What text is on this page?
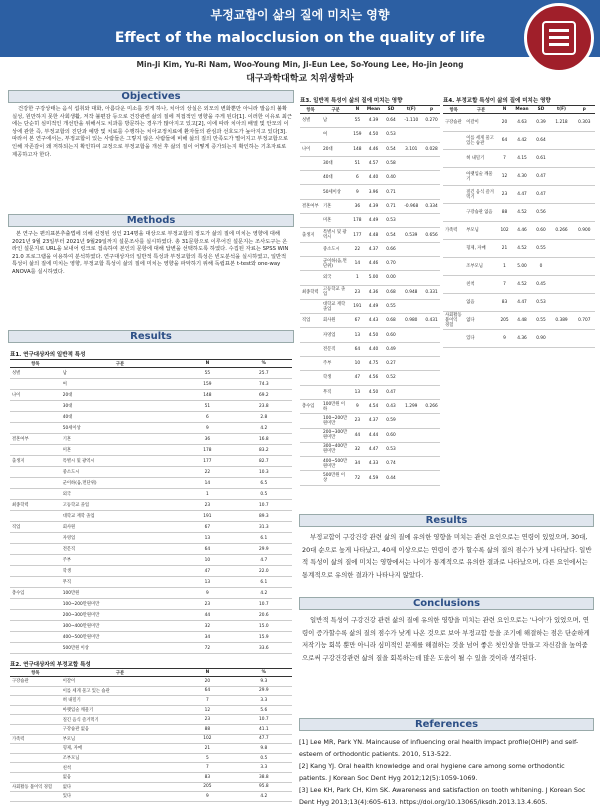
부정교합이 삶의 질에 미치는 영향
Effect of the malocclusion on the quality of life
Min-Ji Kim, Yu-Ri Nam, Woo-Young Min, Ji-Eun Lee, So-Young Lee, Ho-jin Jeong
대구과학대학교 치위생학과
Objectives
건강한 구강상태는 음식 섭취와 대화, 아름다운 미소를 짓게 하나, 치아의 상실은 외모의 변화뿐만 아니라 발음의 불확실성, 원만하지 못한 사회생활, 저작 불편감 등으로 건강관련 삶의 질에 직접적인 영향을 주게 된다[1]. 이러한 이유로 최근에는 단순히 심미적인 개선만을 위해서도 치과를 방문하는 경우가 많아지고 있고[2], 이에 따라 치아의 배열 및 안모의 이상에 관한 즉, 부정교합의 진단과 예방 및 치료를 수행하는 치아교정치료에 환자들의 관심과 선호도가 높아지고 있다[3]. 따라서 본 연구에서는, 부정교합이 있는 사람들은 그렇지 않은 사람들에 비해 삶의 질의 만족도가 떨어지고 부정교합으로 인해 자존감이 왜 저하되는지 확인하여 교정으로 부정교합을 개선 후 삶의 질이 어떻게 증가되는지 확인하는 기초자료로 제공하고자 한다.
Methods
본 연구는 편의표본추출법에 의해 선정된 성인 214명을 대상으로 부정교합의 정도가 삶의 질에 미치는 영향에 대해 2021년 9월 23일부터 2021년 9월29일까지 설문조사를 실시하였다. 총 31문항으로 이루어진 설문지는 조사도구는 온라인 설문지로 URL을 보내어 링크로 접속하여 본인의 문항에 대해 답변을 선택하도록 하였다. 수집된 자료는 SPSS WIN 21.0 프로그램을 이용하여 분석하였다. 연구대상자의 일반적 특성과 부정교합의 특성은 빈도분석을 실시하였고, 일반적 특성이 삶의 질에 미치는 영향, 부정교합 특성이 삶의 질에 미치는 영향을 파악하기 위해 독립표본 t-test와 one-way ANOVA를 실시하였다.
Results
표1. 연구대상자의 일반적 특성
항목	구분	N	%
성별	남	55	25.7
	여	159	74.3
나이	20대	148	69.2
	30대	51	23.8
	40대	6	2.8
	50세이상	9	4.2
결혼여부	기혼	36	16.8
	미혼	178	83.2
출생지	특별시 및 광역시	177	82.7
	중소도시	22	10.3
	군이하(읍,면단위)	14	6.5
	외국	1	0.5
최종학력	고등학교 졸업	23	10.7
	대학교 재학 졸업	191	89.3
직업	회사원	67	31.3
	자영업	13	6.1
	전문직	64	29.9
	주부	10	4.7
	학생	47	22.0
	무직	13	6.1
총수입	100만원	9	4.2
	100~200만원미만	23	10.7
	200~300만원미만	44	20.6
	300~400만원미만	32	15.0
	400~500만원미만	34	15.9
	500만원 이상	72	33.6
표2. 연구대상자의 부정교합 특성
항목	구분	N	%
구강습관	이갈이	20	9.3
	이를 세게 물고 있는 습관	64	29.9
	혀 내밀기	7	3.3
	아랫입술 깨물기	12	5.6
	질긴 음식 즐겨먹기	23	10.7
	구강습관 없음	88	41.1
가족력	부모님	102	47.7
	형제, 자매	21	9.8
	조부모님	5	0.5
	친척	7	3.3
	없음	83	38.8
사회활동 불이익 경험	없다	205	95.8
	있다	9	4.2
표3. 일반적 특성이 삶의 질에 미치는 영향
항목	구분	N	Mean	SD	t(F)	p
성별	남	55	4.39	0.64	-1.110	0.270
	여	159	4.50	0.53		
나이	20대	148	4.46	0.54	3.101	0.028
	30대	51	4.57	0.58		
	40대	6	4.40	0.40		
	50세이상	9	3.96	0.71		
결혼여부	기혼	36	4.39	0.71	-0.968	0.334
	미혼	178	4.49	0.53		
출생지	특별시 및 광역시	177	4.48	0.54	0.539	0.656
	중소도시	22	4.37	0.66		
	군이하(읍,면단위)	14	4.46	0.70		
	외국	1	5.00	0.00		
최종학력	고등학교 졸업	23	4.36	0.68	0.948	0.331
	대학교 재학 졸업	191	4.49	0.55		
직업	회사원	67	4.43	0.68	0.980	0.431
	자영업	13	4.50	0.60		
	전문직	64	4.40	0.49		
	주부	10	4.75	0.27		
	학생	47	4.56	0.52		
	무직	13	4.50	0.47		
총수입	100만원 이하	9	4.54	0.43	1.299	0.266
	100~200만원미만	23	4.37	0.59		
	200~300만원미만	44	4.44	0.60		
	300~400만원미만	32	4.47	0.53		
	400~500만원미만	34	4.33	0.74		
	500만원 이상	72	4.59	0.44		
표4. 부정교합 특성이 삶의 질에 미치는 영향
항목	구분	N	Mean	SD	t(F)	p
구강습관	이갈이	20	4.63	0.39	1.218	0.303
	이를 세게 물고 있는 습관	64	4.42	0.64		
	혀 내밀기	7	4.15	0.61		
	아랫입술 깨물기	12	4.30	0.47		
	질긴 음식 즐겨먹기	23	4.47	0.47		
	구강습관 없음	88	4.52	0.56		
가족력	부모님	102	4.46	0.60	0.266	0.900
	형제, 자매	21	4.52	0.55		
	조부모님	1	5.00	0		
	친척	7	4.52	0.45		
	없음	83	4.47	0.53		
사회활동 불이익 경험	없다	205	4.48	0.55	0.389	0.707
	있다	9	4.36	0.90		
Results
부정교합이 구강건강 관련 삶의 질에 유의한 영향을 미치는 관련 요인으로는 연령이 있었으며, 30대, 20대 순으로 높게 나타났고, 40세 이상으로는 연령이 증가 할수록 삶의 질의 점수가 낮게 나타났다. 일반적 특성이 삶의 질에 미치는 영향에서는 나이가 통계적으로 유의한 결과로 나타났으며, 다른 요인에서는 통계적으로 유의한 결과가 나타나지 않았다.
Conclusions
일반적 특성이 구강건강 관련 삶의 질에 유의한 영향을 미치는 관련 요인으로는 '나이'가 있었으며, 연령이 증가할수록 삶의 질의 점수가 낮게 나온 것으로 보아 부정교합 등을 조기에 해결하는 점은 단순하게 저작기능 회복 뿐만 아니라 심미적인 문제를 해결하는 것을 넘어 좋은 첫인상을 만들고 자신감을 높여줌으로써 구강건강관련 삶의 질을 회복하는데 많은 도움이 될 수 있을 것이라 생각된다.
References
[1] Lee MR, Park YN. Maincause of influencing oral health impact profile(OHIP) and self-esteem of orthodontic patients. 2010, 513-522.
[2] Kang YJ. Oral health knowledge and oral hygiene care among some orthodontic patients. J Korean Soc Dent Hyg 2012;12(5):1059-1069.
[3] Lee KH, Park CH, Kim SK. Awareness and satisfaction on tooth whitening. J Korean Soc Dent Hyg 2013;13(4):605-613. https://doi.org/10.13065/iksdh.2013.13.4.605.
